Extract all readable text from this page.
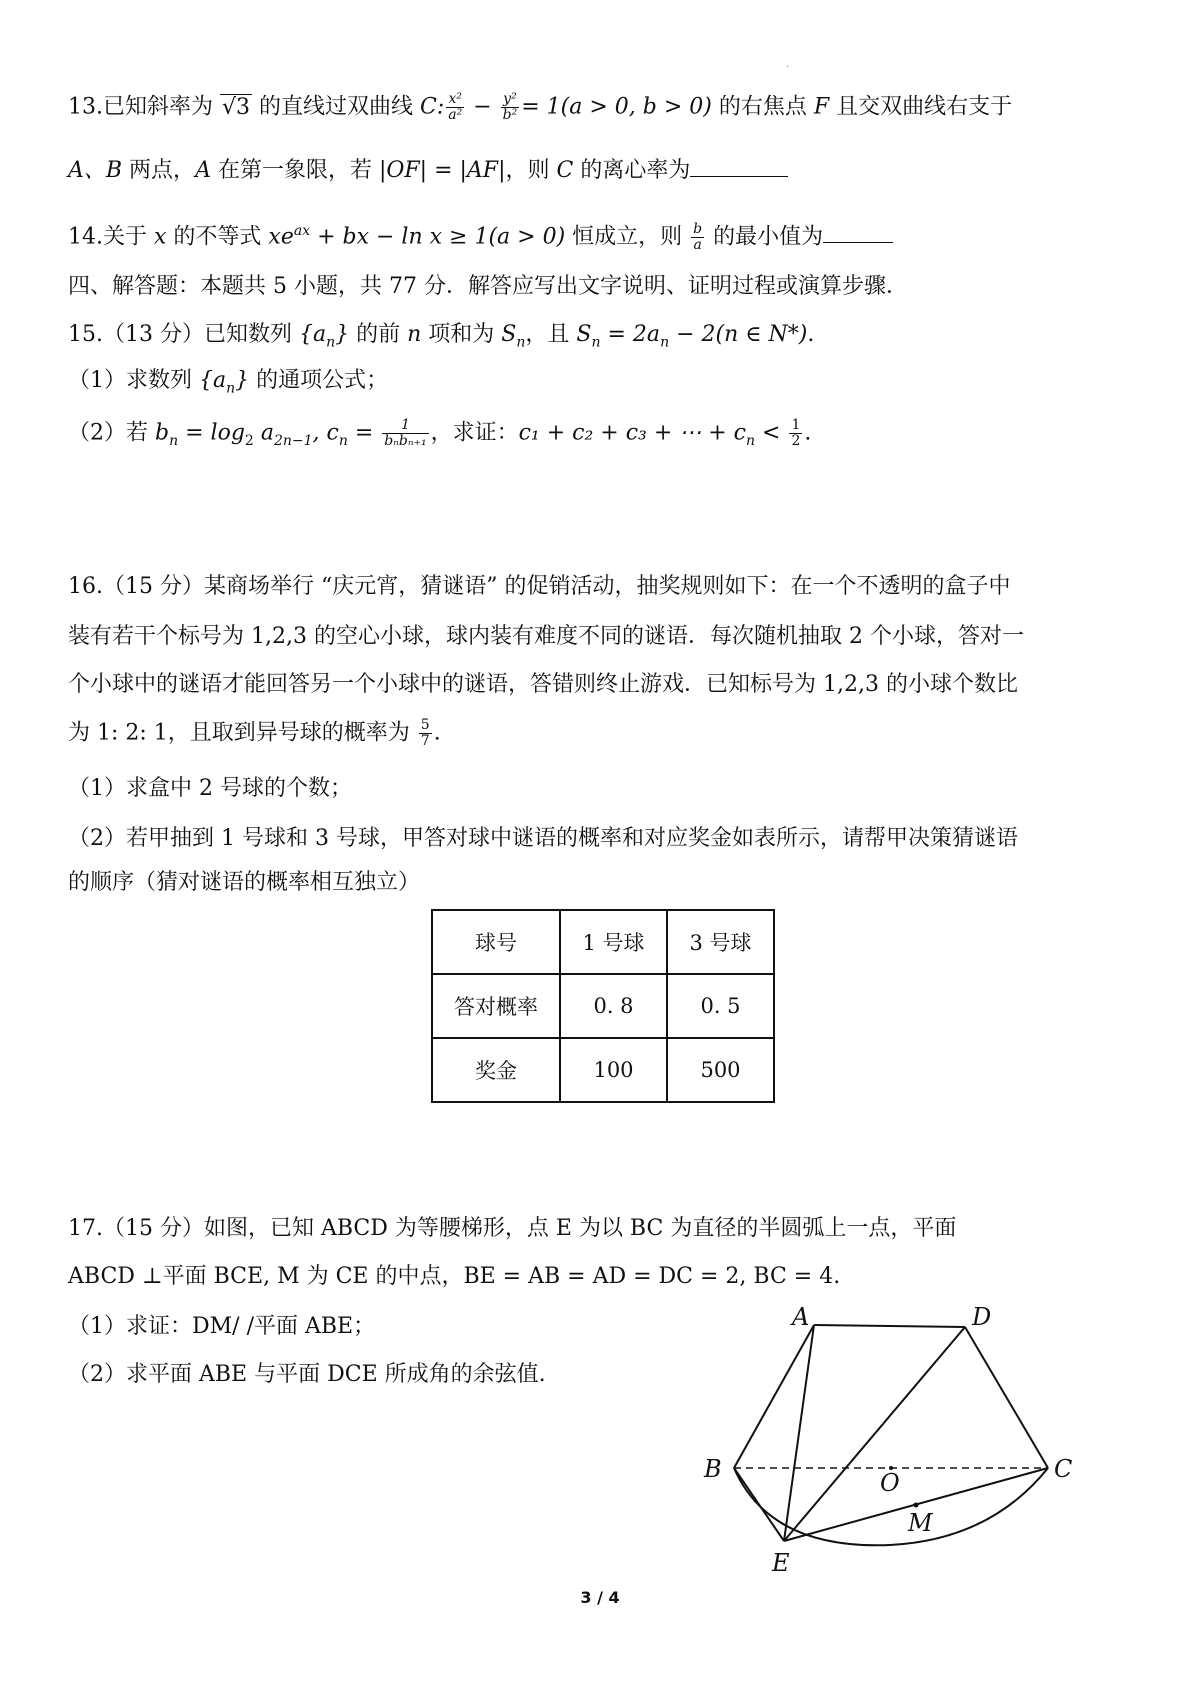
·
13.已知斜率为 √3 的直线过双曲线 C: $\frac{\text{x²}}{\text{a²}} - \frac{\text{y²}}{\text{b²}} = 1(a > 0$, b > 0) 的右焦点 F 且交双曲线右支于
A、B 两点，A 在第一象限，若 |OF| = |AF|，则 C 的离心率为
14.关于 x 的不等式 $xe^{ax}$ + bx − ln x ≥ 1(a > 0) 恒成立，则 $\frac{b}{a}$ 的最小值为
四、解答题：本题共 5 小题，共 77 分．解答应写出文字说明、证明过程或演算步骤．
15.（13 分）已知数列 $\{a_n\}$ 的前 n 项和为 $S_n$，且 $S_n = 2a_n - 2(n$ ∈ N*).
（1）求数列 $\{a_n\}$ 的通项公式；
（2）若 $b_n = \log_2 a_{2n-1}$, $c_n = \frac{1}{\text{bₙbₙ₊₁}}$ ，求证：c₁ + c₂ + c₃ + ⋯ + $c_n < \frac{1}{2}$ .
16.（15 分）某商场举行 “庆元宵，猜谜语” 的促销活动，抽奖规则如下：在一个不透明的盒子中
装有若干个标号为 1,2,3 的空心小球，球内装有难度不同的谜语．每次随机抽取 2 个小球，答对一
个小球中的谜语才能回答另一个小球中的谜语，答错则终止游戏．已知标号为 1,2,3 的小球个数比
为 1: 2: 1，且取到异号球的概率为 $\frac{5}{7}$ .
（1）求盒中 2 号球的个数；
（2）若甲抽到 1 号球和 3 号球，甲答对球中谜语的概率和对应奖金如表所示，请帮甲决策猜谜语
的顺序（猜对谜语的概率相互独立）
球号	1 号球	3 号球
答对概率	0. 8	0. 5
奖金	100	500
17.（15 分）如图，已知 ABCD 为等腰梯形，点 E 为以 BC 为直径的半圆弧上一点，平面
ABCD ⊥平面 BCE, M 为 CE 的中点，BE = AB = AD = DC = 2, BC = 4.
（1）求证：DM/ /平面 ABE；
（2）求平面 ABE 与平面 DCE 所成角的余弦值.
A	D
B	C
O
M
E
3 / 4
